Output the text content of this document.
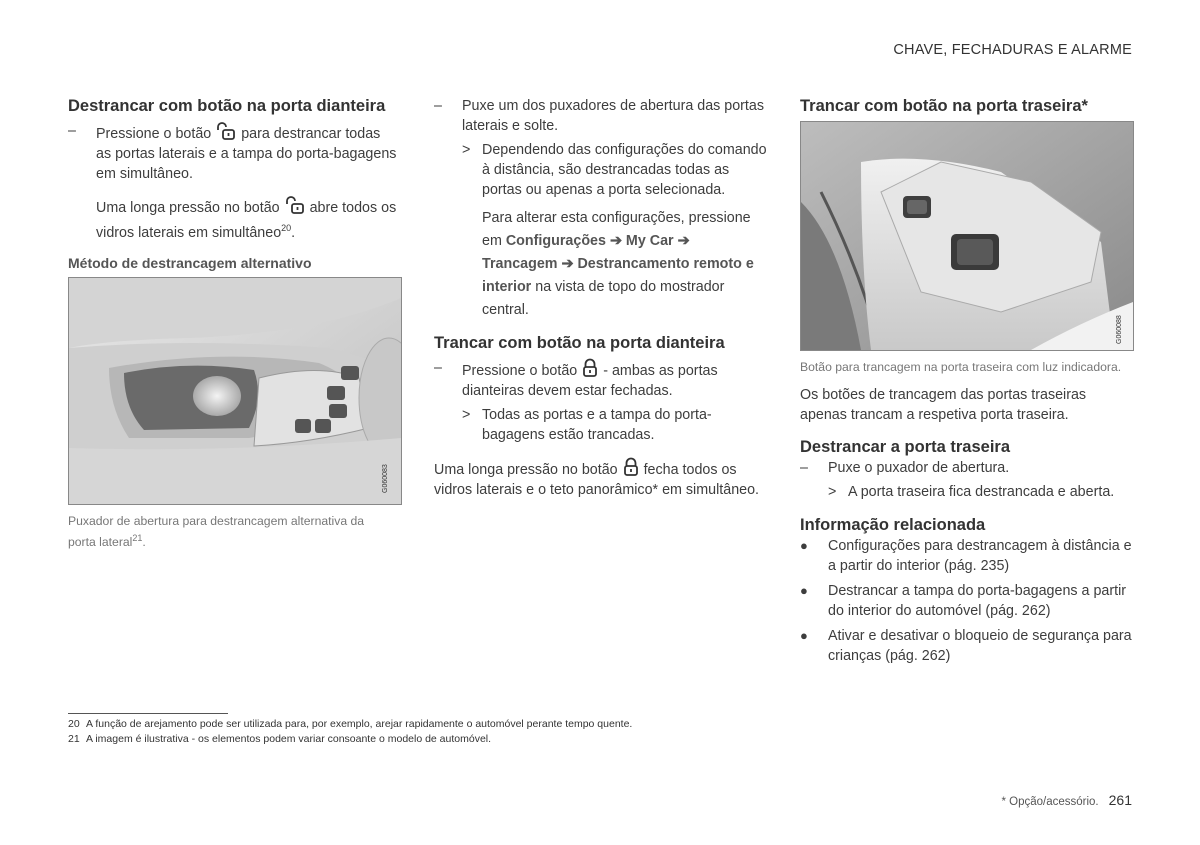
CHAVE, FECHADURAS E ALARME
Destrancar com botão na porta dianteira
– Pressione o botão para destrancar todas as portas laterais e a tampa do porta-bagagens em simultâneo.

Uma longa pressão no botão abre todos os vidros laterais em simultâneo$^{20}$.

Método de destrancagem alternativo
G060083
Puxador de abertura para destrancagem alternativa da porta lateral$^{21}$.
– Puxe um dos puxadores de abertura das portas laterais e solte.
> Dependendo das configurações do comando à distância, são destrancadas todas as portas ou apenas a porta selecionada.

Para alterar esta configurações, pressione em Configurações ➔ My Car ➔ Trancagem ➔ Destrancamento remoto e interior na vista de topo do mostrador central.

Trancar com botão na porta dianteira
– Pressione o botão - ambas as portas dianteiras devem estar fechadas.
> Todas as portas e a tampa do porta-bagagens estão trancadas.

Uma longa pressão no botão fecha todos os vidros laterais e o teto panorâmico* em simultâneo.

Trancar com botão na porta traseira*
G060088
Botão para trancagem na porta traseira com luz indicadora.

Os botões de trancagem das portas traseiras apenas trancam a respetiva porta traseira.

Destrancar a porta traseira
– Puxe o puxador de abertura.
> A porta traseira fica destrancada e aberta.
Informação relacionada
● Configurações para destrancagem à distância e a partir do interior (pág. 235)
● Destrancar a tampa do porta-bagagens a partir do interior do automóvel (pág. 262)
● Ativar e desativar o bloqueio de segurança para crianças (pág. 262)
20 A função de arejamento pode ser utilizada para, por exemplo, arejar rapidamente o automóvel perante tempo quente.
21 A imagem é ilustrativa - os elementos podem variar consoante o modelo de automóvel.
* Opção/acessório. 261
